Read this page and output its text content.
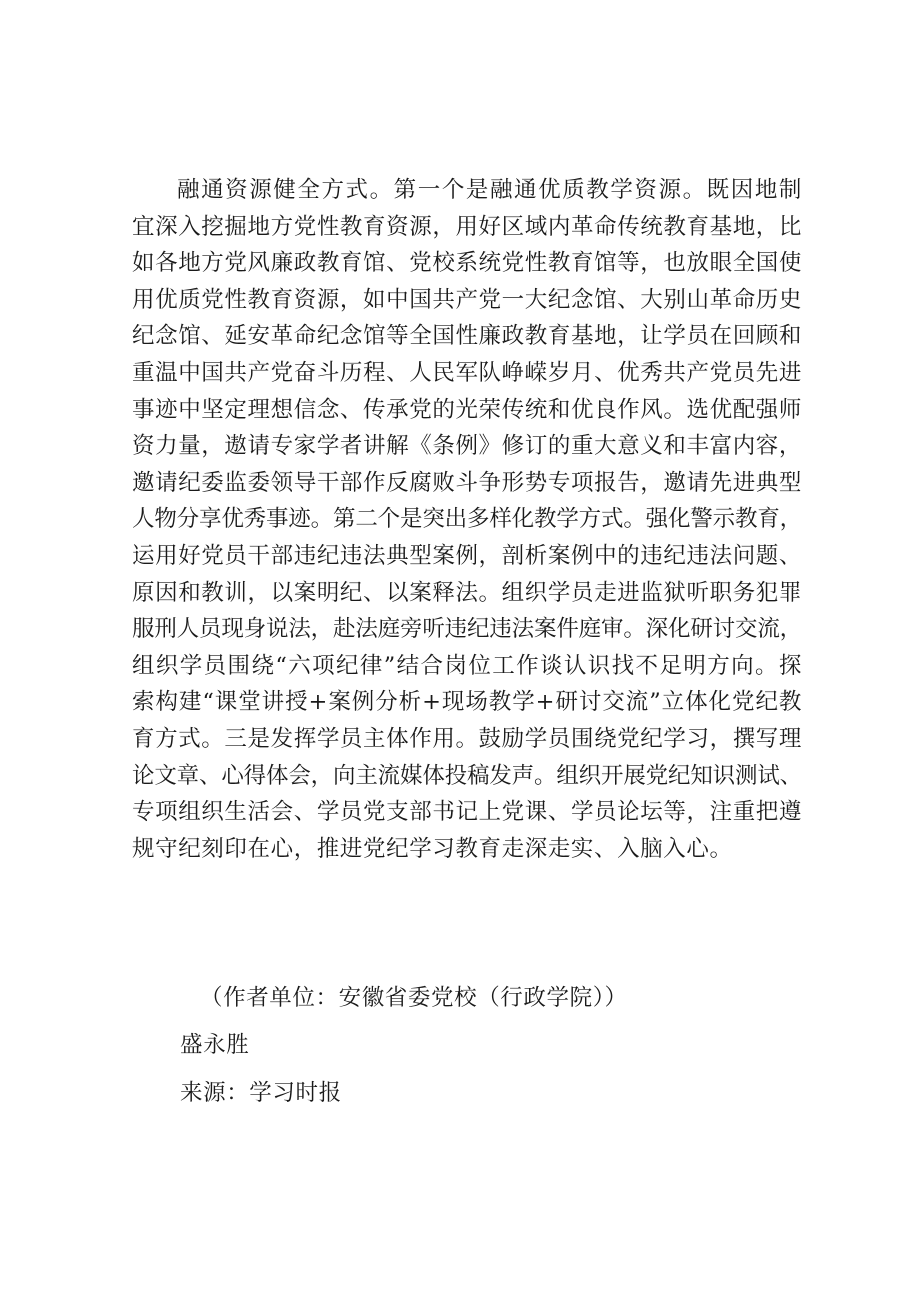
融通资源健全方式。第一个是融通优质教学资源。既因地制
宜深入挖掘地方党性教育资源，用好区域内革命传统教育基地，比
如各地方党风廉政教育馆、党校系统党性教育馆等，也放眼全国使
用优质党性教育资源，如中国共产党一大纪念馆、大别山革命历史
纪念馆、延安革命纪念馆等全国性廉政教育基地，让学员在回顾和
重温中国共产党奋斗历程、人民军队峥嵘岁月、优秀共产党员先进
事迹中坚定理想信念、传承党的光荣传统和优良作风。选优配强师
资力量，遨请专家学者讲解《条例》修订的重大意义和丰富内容，
邀请纪委监委领导干部作反腐败斗争形势专项报告，邀请先进典型
人物分享优秀事迹。第二个是突出多样化教学方式。强化警示教育，
运用好党员干部违纪违法典型案例，剖析案例中的违纪违法问题、
原因和教训，以案明纪、以案释法。组织学员走进监狱听职务犯罪
服刑人员现身说法，赴法庭旁听违纪违法案件庭审。深化研讨交流，
组织学员围绕“六项纪律”结合岗位工作谈认识找不足明方向。探
索构建“课堂讲授+案例分析+现场教学+研讨交流”立体化党纪教
育方式。三是发挥学员主体作用。鼓励学员围绕党纪学习，撰写理
论文章、心得体会，向主流媒体投稿发声。组织开展党纪知识测试、
专项组织生活会、学员党支部书记上党课、学员论坛等，注重把遵
规守纪刻印在心，推进党纪学习教育走深走实、入脑入心。
（作者单位：安徽省委党校（行政学院））
盛永胜
来源：学习时报
